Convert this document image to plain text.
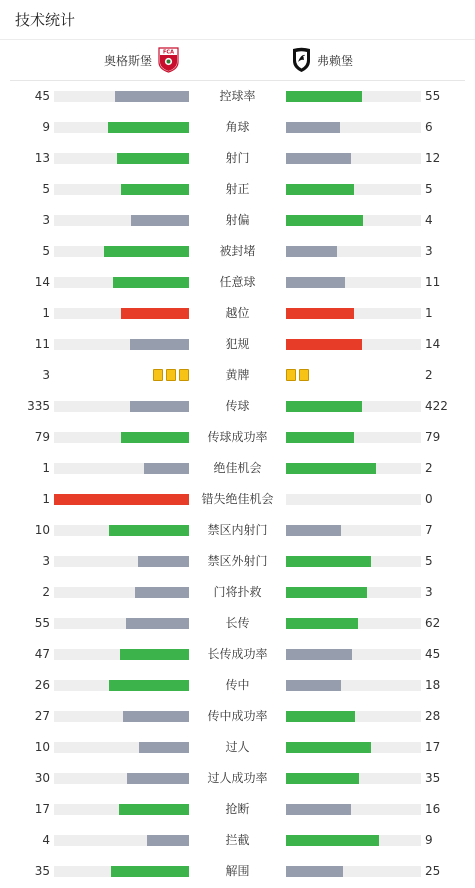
技术统计
奥格斯堡
FCA
弗赖堡
45	控球率	55
9	角球	6
13	射门	12
5	射正	5
3	射偏	4
5	被封堵	3
14	任意球	11
1	越位	1
11	犯规	14
3	黄牌	2
335	传球	422
79	传球成功率	79
1	绝佳机会	2
1	错失绝佳机会	0
10	禁区内射门	7
3	禁区外射门	5
2	门将扑救	3
55	长传	62
47	长传成功率	45
26	传中	18
27	传中成功率	28
10	过人	17
30	过人成功率	35
17	抢断	16
4	拦截	9
35	解围	25
